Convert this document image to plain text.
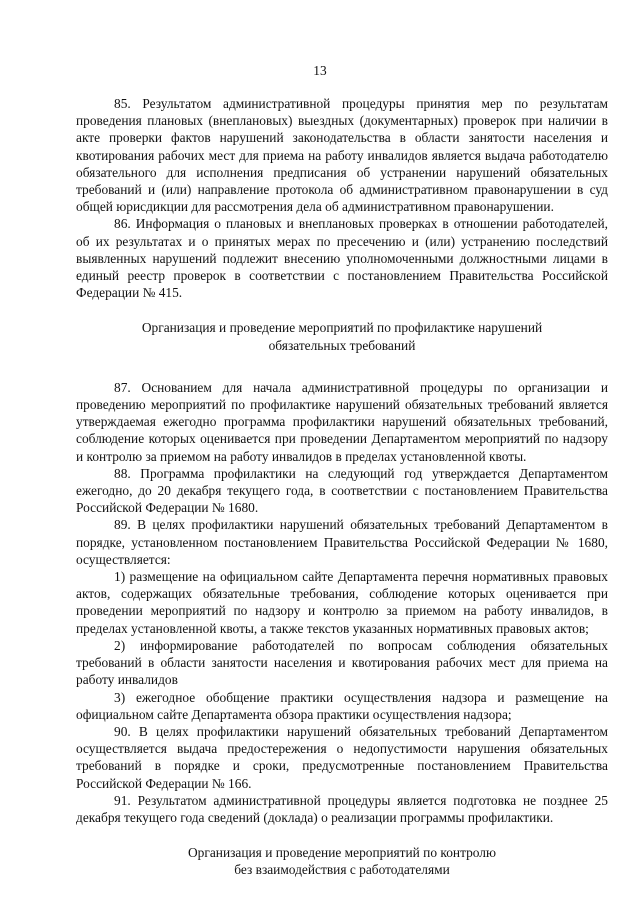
13

85. Результатом административной процедуры принятия мер по результатам проведения плановых (внеплановых) выездных (документарных) проверок при наличии в акте проверки фактов нарушений законодательства в области занятости населения и квотирования рабочих мест для приема на работу инвалидов является выдача работодателю обязательного для исполнения предписания об устранении нарушений обязательных требований и (или) направление протокола об административном правонарушении в суд общей юрисдикции для рассмотрения дела об административном правонарушении.

86. Информация о плановых и внеплановых проверках в отношении работодателей, об их результатах и о принятых мерах по пресечению и (или) устранению последствий выявленных нарушений подлежит внесению уполномоченными должностными лицами в единый реестр проверок в соответствии с постановлением Правительства Российской Федерации № 415.

Организация и проведение мероприятий по профилактике нарушений
обязательных требований

87. Основанием для начала административной процедуры по организации и проведению мероприятий по профилактике нарушений обязательных требований является утверждаемая ежегодно программа профилактики нарушений обязательных требований, соблюдение которых оценивается при проведении Департаментом мероприятий по надзору и контролю за приемом на работу инвалидов в пределах установленной квоты.

88. Программа профилактики на следующий год утверждается Департаментом ежегодно, до 20 декабря текущего года, в соответствии с постановлением Правительства Российской Федерации № 1680.

89. В целях профилактики нарушений обязательных требований Департаментом в порядке, установленном постановлением Правительства Российской Федерации № 1680, осуществляется:

1) размещение на официальном сайте Департамента перечня нормативных правовых актов, содержащих обязательные требования, соблюдение которых оценивается при проведении мероприятий по надзору и контролю за приемом на работу инвалидов, в пределах установленной квоты, а также текстов указанных нормативных правовых актов;

2) информирование работодателей по вопросам соблюдения обязательных требований в области занятости населения и квотирования рабочих мест для приема на работу инвалидов

3) ежегодное обобщение практики осуществления надзора и размещение на официальном сайте Департамента обзора практики осуществления надзора;

90. В целях профилактики нарушений обязательных требований Департаментом осуществляется выдача предостережения о недопустимости нарушения обязательных требований в порядке и сроки, предусмотренные постановлением Правительства Российской Федерации № 166.

91. Результатом административной процедуры является подготовка не позднее 25 декабря текущего года сведений (доклада) о реализации программы профилактики.

Организация и проведение мероприятий по контролю
без взаимодействия с работодателями
